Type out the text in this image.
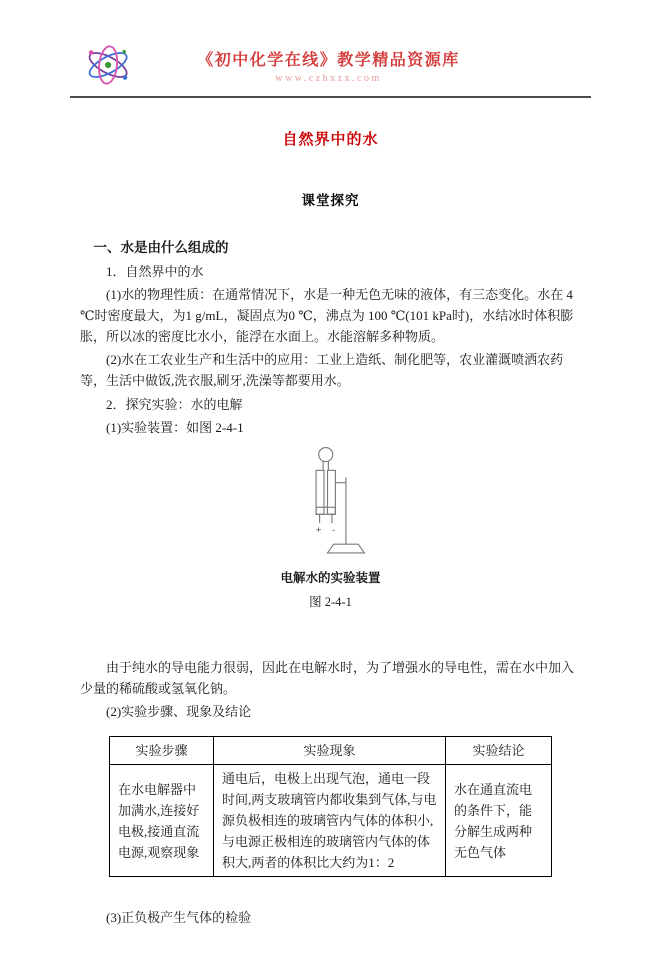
《初中化学在线》教学精品资源库
www.czhxzx.com
自然界中的水
课堂探究

一、水是由什么组成的

1．自然界中的水

(1)水的物理性质：在通常情况下，水是一种无色无味的液体，有三态变化。水在 4 ℃时密度最大，为1 g/mL，凝固点为0 ℃，沸点为 100 ℃(101 kPa时)，水结冰时体积膨胀，所以冰的密度比水小，能浮在水面上。水能溶解多种物质。

(2)水在工农业生产和生活中的应用：工业上造纸、制化肥等，农业灌溉喷洒农药等，生活中做饭,洗衣服,刷牙,洗澡等都要用水。

2．探究实验：水的电解

(1)实验装置：如图 2-4-1

+ -
电解水的实验装置
图 2-4-1

由于纯水的导电能力很弱，因此在电解水时，为了增强水的导电性，需在水中加入少量的稀硫酸或氢氧化钠。

(2)实验步骤、现象及结论

实验步骤	实验现象	实验结论
在水电解器中加满水,连接好电极,接通直流电源,观察现象	通电后，电极上出现气泡，通电一段时间,两支玻璃管内都收集到气体,与电源负极相连的玻璃管内气体的体积小,与电源正极相连的玻璃管内气体的体积大,两者的体积比大约为1：2	水在通直流电的条件下，能分解生成两种无色气体

(3)正负极产生气体的检验
